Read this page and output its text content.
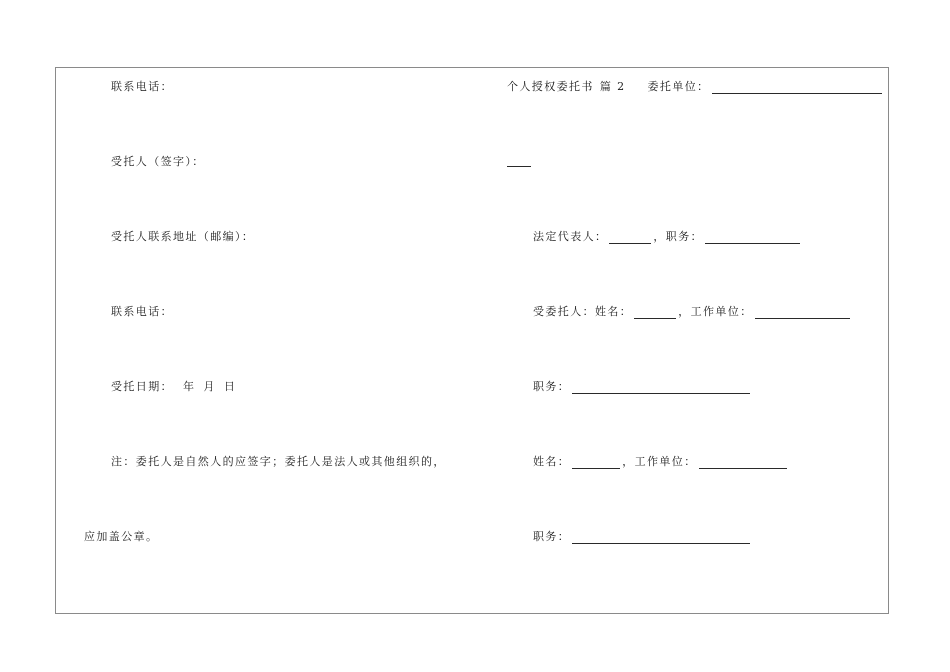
联系电话：
受托人（签字）：
受托人联系地址（邮编）：
联系电话：
受托日期： 年 月 日
注：委托人是自然人的应签字；委托人是法人或其他组织的，
应加盖公章。
个人授权委托书 篇 2 委托单位：
法定代表人：	，职务：
受委托人：姓名：	，工作单位：
职务：
姓名：	，工作单位：
职务：
